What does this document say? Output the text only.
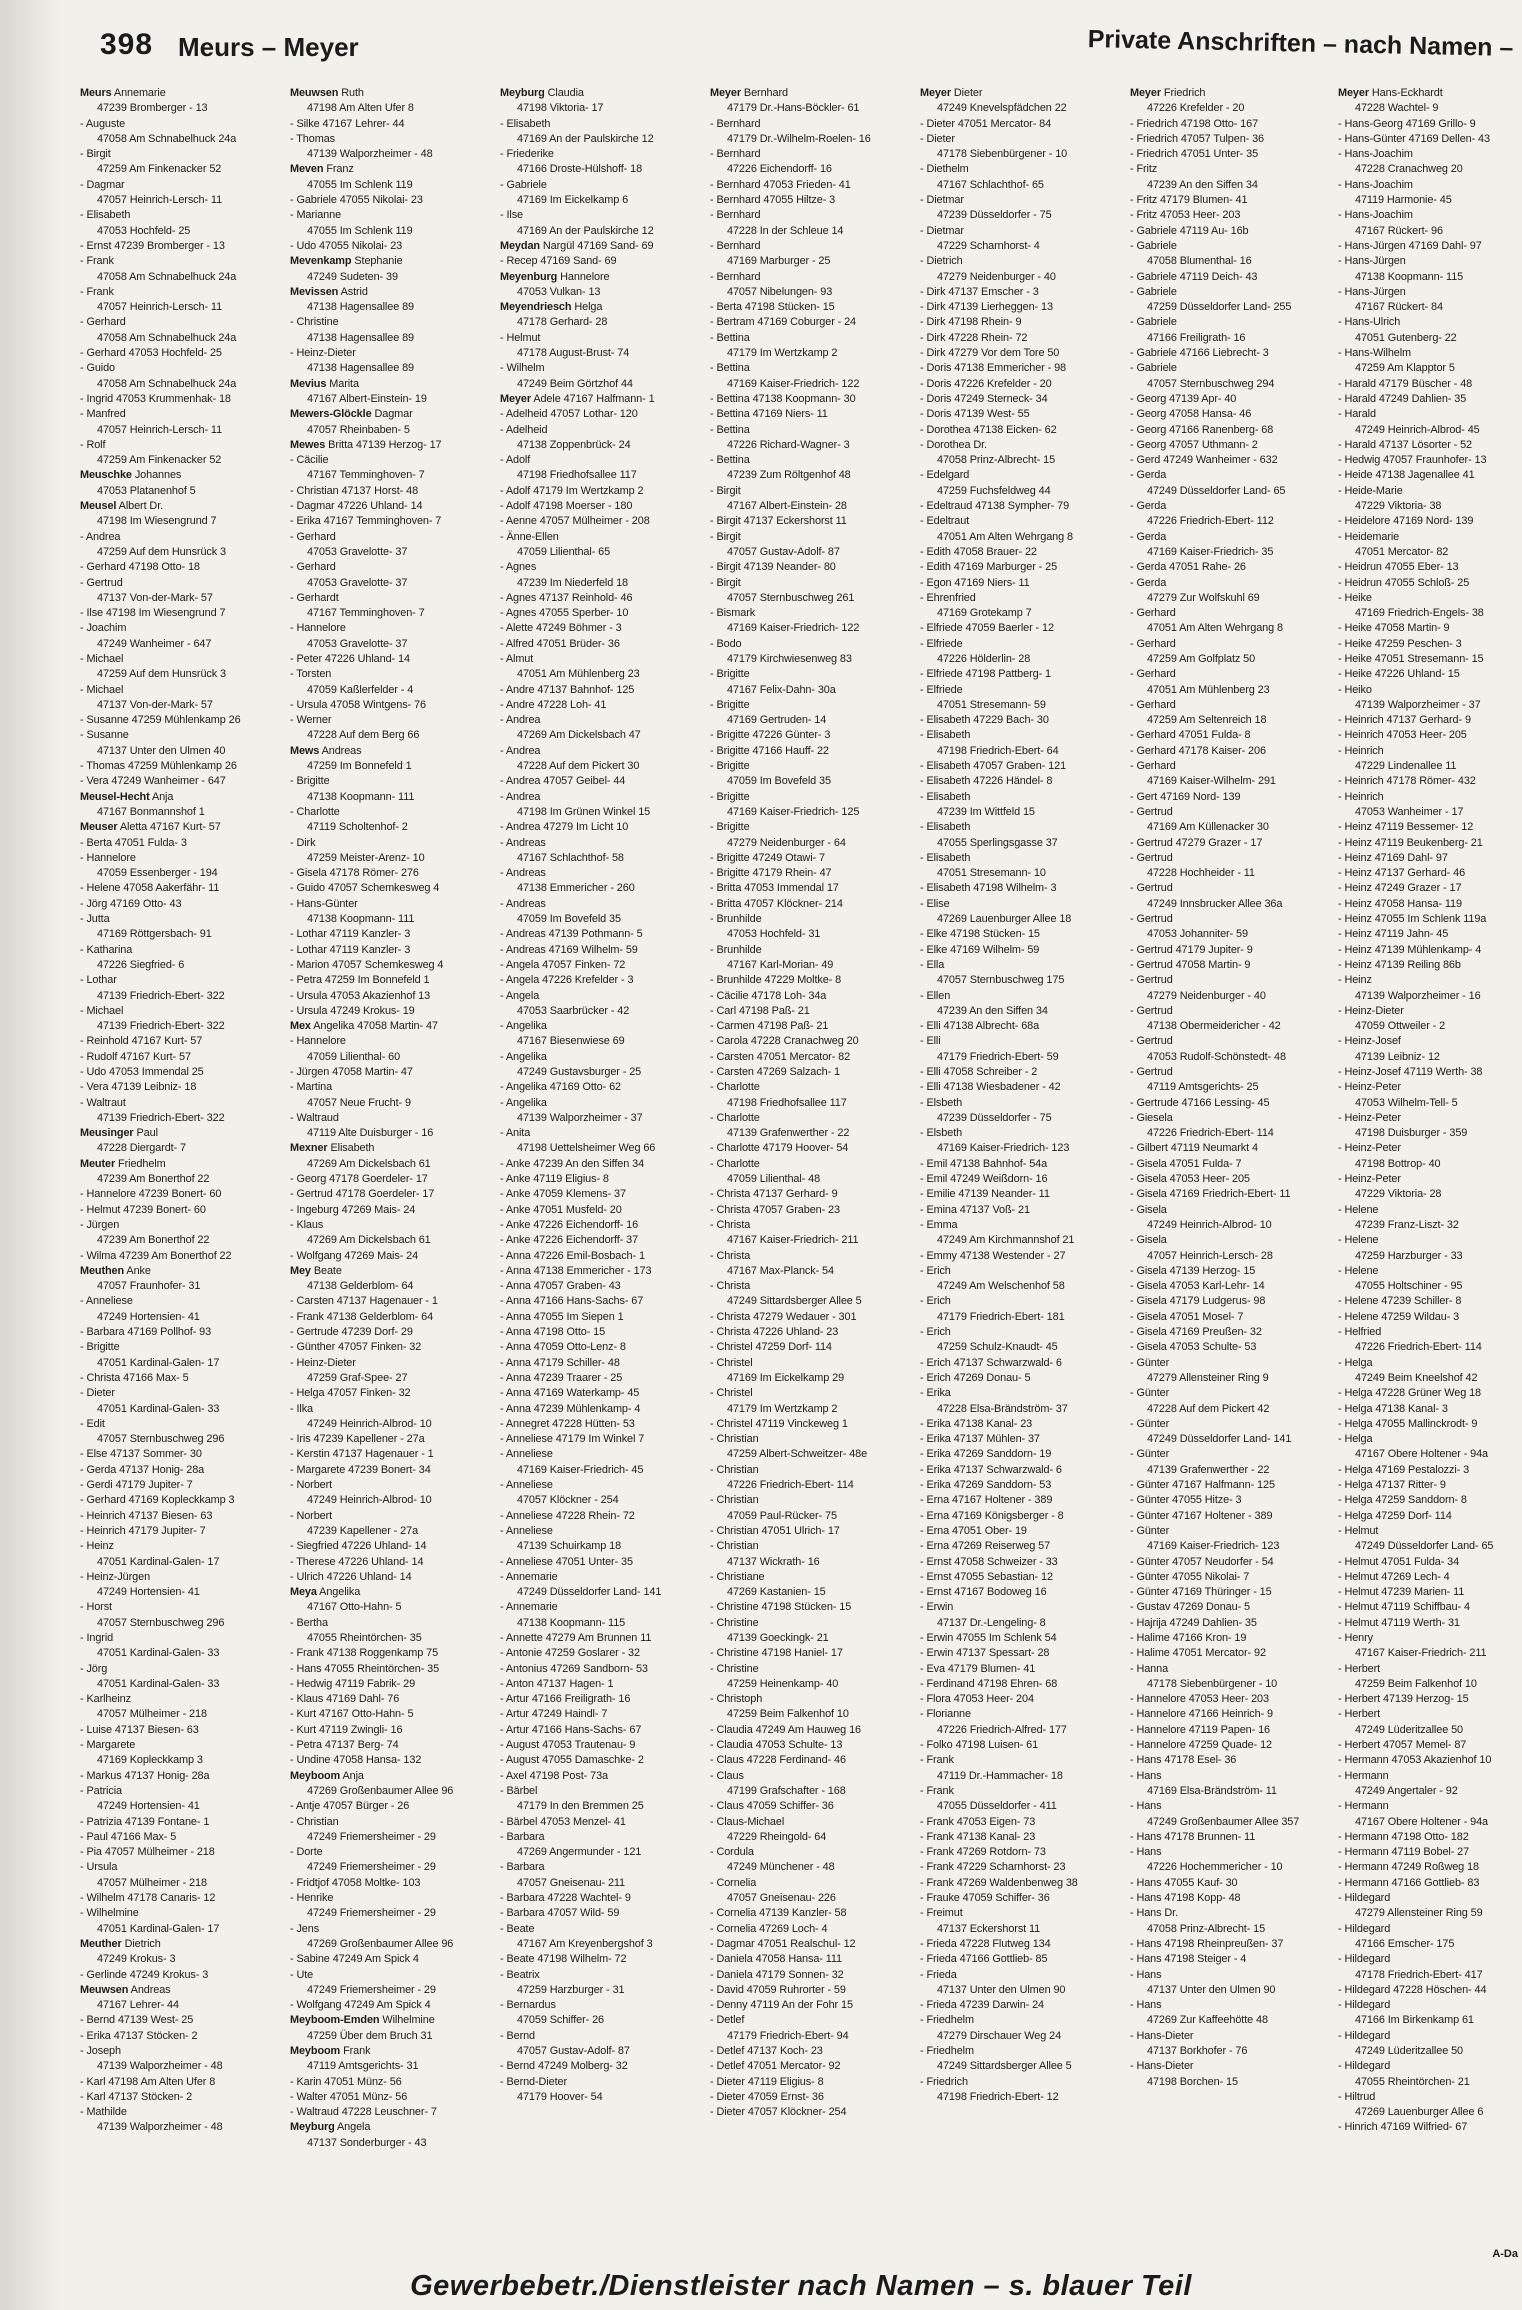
398 Meurs – Meyer	Private Anschriften – nach Namen –
Meurs Annemarie
47239 Bromberger - 13
- Auguste
47058 Am Schnabelhuck 24a
- Birgit
47259 Am Finkenacker 52
- Dagmar
47057 Heinrich-Lersch- 11
- Elisabeth
47053 Hochfeld- 25
- Ernst 47239 Bromberger - 13
- Frank
47058 Am Schnabelhuck 24a
- Frank
47057 Heinrich-Lersch- 11
- Gerhard
47058 Am Schnabelhuck 24a
- Gerhard 47053 Hochfeld- 25
- Guido
47058 Am Schnabelhuck 24a
- Ingrid 47053 Krummenhak- 18
- Manfred
47057 Heinrich-Lersch- 11
- Rolf
47259 Am Finkenacker 52
Meuschke Johannes
47053 Platanenhof 5
Meusel Albert Dr.
47198 Im Wiesengrund 7
- Andrea
47259 Auf dem Hunsrück 3
- Gerhard 47198 Otto- 18
- Gertrud
47137 Von-der-Mark- 57
- Ilse 47198 Im Wiesengrund 7
- Joachim
47249 Wanheimer - 647
- Michael
47259 Auf dem Hunsrück 3
- Michael
47137 Von-der-Mark- 57
- Susanne 47259 Mühlenkamp 26
- Susanne
47137 Unter den Ulmen 40
- Thomas 47259 Mühlenkamp 26
- Vera 47249 Wanheimer - 647
Meusel-Hecht Anja
47167 Bonmannshof 1
Meuser Aletta 47167 Kurt- 57
- Berta 47051 Fulda- 3
- Hannelore
47059 Essenberger - 194
- Helene 47058 Aakerfähr- 11
- Jörg 47169 Otto- 43
- Jutta
47169 Röttgersbach- 91
- Katharina
47226 Siegfried- 6
- Lothar
47139 Friedrich-Ebert- 322
- Michael
47139 Friedrich-Ebert- 322
- Reinhold 47167 Kurt- 57
- Rudolf 47167 Kurt- 57
- Udo 47053 Immendal 25
- Vera 47139 Leibniz- 18
- Waltraut
47139 Friedrich-Ebert- 322
Meusinger Paul
47228 Diergardt- 7
Meuter Friedhelm
47239 Am Bonerthof 22
- Hannelore 47239 Bonert- 60
- Helmut 47239 Bonert- 60
- Jürgen
47239 Am Bonerthof 22
- Wilma 47239 Am Bonerthof 22
Meuthen Anke
47057 Fraunhofer- 31
- Anneliese
47249 Hortensien- 41
- Barbara 47169 Pollhof- 93
- Brigitte
47051 Kardinal-Galen- 17
- Christa 47166 Max- 5
- Dieter
47051 Kardinal-Galen- 33
- Edit
47057 Sternbuschweg 296
- Else 47137 Sommer- 30
- Gerda 47137 Honig- 28a
- Gerdi 47179 Jupiter- 7
- Gerhard 47169 Kopleckkamp 3
- Heinrich 47137 Biesen- 63
- Heinrich 47179 Jupiter- 7
- Heinz
47051 Kardinal-Galen- 17
- Heinz-Jürgen
47249 Hortensien- 41
- Horst
47057 Sternbuschweg 296
- Ingrid
47051 Kardinal-Galen- 33
- Jörg
47051 Kardinal-Galen- 33
- Karlheinz
47057 Mülheimer - 218
- Luise 47137 Biesen- 63
- Margarete
47169 Kopleckkamp 3
- Markus 47137 Honig- 28a
- Patricia
47249 Hortensien- 41
- Patrizia 47139 Fontane- 1
- Paul 47166 Max- 5
- Pia 47057 Mülheimer - 218
- Ursula
47057 Mülheimer - 218
- Wilhelm 47178 Canaris- 12
- Wilhelmine
47051 Kardinal-Galen- 17
Meuther Dietrich
47249 Krokus- 3
- Gerlinde 47249 Krokus- 3
Meuwsen Andreas
47167 Lehrer- 44
- Bernd 47139 West- 25
- Erika 47137 Stöcken- 2
- Joseph
47139 Walporzheimer - 48
- Karl 47198 Am Alten Ufer 8
- Karl 47137 Stöcken- 2
- Mathilde
47139 Walporzheimer - 48
Meuwsen Ruth
47198 Am Alten Ufer 8
- Silke 47167 Lehrer- 44
- Thomas
47139 Walporzheimer - 48
Meven Franz
47055 Im Schlenk 119
- Gabriele 47055 Nikolai- 23
- Marianne
47055 Im Schlenk 119
- Udo 47055 Nikolai- 23
Mevenkamp Stephanie
47249 Sudeten- 39
Mevissen Astrid
47138 Hagensallee 89
- Christine
47138 Hagensallee 89
- Heinz-Dieter
47138 Hagensallee 89
Mevius Marita
47167 Albert-Einstein- 19
Mewers-Glöckle Dagmar
47057 Rheinbaben- 5
Mewes Britta 47139 Herzog- 17
- Cäcilie
47167 Temminghoven- 7
- Christian 47137 Horst- 48
- Dagmar 47226 Uhland- 14
- Erika 47167 Temminghoven- 7
- Gerhard
47053 Gravelotte- 37
- Gerhard
47053 Gravelotte- 37
- Gerhardt
47167 Temminghoven- 7
- Hannelore
47053 Gravelotte- 37
- Peter 47226 Uhland- 14
- Torsten
47059 Kaßlerfelder - 4
- Ursula 47058 Wintgens- 76
- Werner
47228 Auf dem Berg 66
Mews Andreas
47259 Im Bonnefeld 1
- Brigitte
47138 Koopmann- 111
- Charlotte
47119 Scholtenhof- 2
- Dirk
47259 Meister-Arenz- 10
- Gisela 47178 Römer- 276
- Guido 47057 Schemkesweg 4
- Hans-Günter
47138 Koopmann- 111
- Lothar 47119 Kanzler- 3
- Lothar 47119 Kanzler- 3
- Marion 47057 Schemkesweg 4
- Petra 47259 Im Bonnefeld 1
- Ursula 47053 Akazienhof 13
- Ursula 47249 Krokus- 19
Mex Angelika 47058 Martin- 47
- Hannelore
47059 Lilienthal- 60
- Jürgen 47058 Martin- 47
- Martina
47057 Neue Frucht- 9
- Waltraud
47119 Alte Duisburger - 16
Mexner Elisabeth
47269 Am Dickelsbach 61
- Georg 47178 Goerdeler- 17
- Gertrud 47178 Goerdeler- 17
- Ingeburg 47269 Mais- 24
- Klaus
47269 Am Dickelsbach 61
- Wolfgang 47269 Mais- 24
Mey Beate
47138 Gelderblom- 64
- Carsten 47137 Hagenauer - 1
- Frank 47138 Gelderblom- 64
- Gertrude 47239 Dorf- 29
- Günther 47057 Finken- 32
- Heinz-Dieter
47259 Graf-Spee- 27
- Helga 47057 Finken- 32
- Ilka
47249 Heinrich-Albrod- 10
- Iris 47239 Kapellener - 27a
- Kerstin 47137 Hagenauer - 1
- Margarete 47239 Bonert- 34
- Norbert
47249 Heinrich-Albrod- 10
- Norbert
47239 Kapellener - 27a
- Siegfried 47226 Uhland- 14
- Therese 47226 Uhland- 14
- Ulrich 47226 Uhland- 14
Meya Angelika
47167 Otto-Hahn- 5
- Bertha
47055 Rheintörchen- 35
- Frank 47138 Roggenkamp 75
- Hans 47055 Rheintörchen- 35
- Hedwig 47119 Fabrik- 29
- Klaus 47169 Dahl- 76
- Kurt 47167 Otto-Hahn- 5
- Kurt 47119 Zwingli- 16
- Petra 47137 Berg- 74
- Undine 47058 Hansa- 132
Meyboom Anja
47269 Großenbaumer Allee 96
- Antje 47057 Bürger - 26
- Christian
47249 Friemersheimer - 29
- Dorte
47249 Friemersheimer - 29
- Fridtjof 47058 Moltke- 103
- Henrike
47249 Friemersheimer - 29
- Jens
47269 Großenbaumer Allee 96
- Sabine 47249 Am Spick 4
- Ute
47249 Friemersheimer - 29
- Wolfgang 47249 Am Spick 4
Meyboom-Emden Wilhelmine
47259 Über dem Bruch 31
Meyboom Frank
47119 Amtsgerichts- 31
- Karin 47051 Münz- 56
- Walter 47051 Münz- 56
- Waltraud 47228 Leuschner- 7
Meyburg Angela
47137 Sonderburger - 43
Meyburg Claudia
47198 Viktoria- 17
- Elisabeth
47169 An der Paulskirche 12
- Friederike
47166 Droste-Hülshoff- 18
- Gabriele
47169 Im Eickelkamp 6
- Ilse
47169 An der Paulskirche 12
Meydan Nargül 47169 Sand- 69
- Recep 47169 Sand- 69
Meyenburg Hannelore
47053 Vulkan- 13
Meyendriesch Helga
47178 Gerhard- 28
- Helmut
47178 August-Brust- 74
- Wilhelm
47249 Beim Görtzhof 44
Meyer Adele 47167 Halfmann- 1
- Adelheid 47057 Lothar- 120
- Adelheid
47138 Zoppenbrück- 24
- Adolf
47198 Friedhofsallee 117
- Adolf 47179 Im Wertzkamp 2
- Adolf 47198 Moerser - 180
- Aenne 47057 Mülheimer - 208
- Änne-Ellen
47059 Lilienthal- 65
- Agnes
47239 Im Niederfeld 18
- Agnes 47137 Reinhold- 46
- Agnes 47055 Sperber- 10
- Alette 47249 Böhmer - 3
- Alfred 47051 Brüder- 36
- Almut
47051 Am Mühlenberg 23
- Andre 47137 Bahnhof- 125
- Andre 47228 Loh- 41
- Andrea
47269 Am Dickelsbach 47
- Andrea
47228 Auf dem Pickert 30
- Andrea 47057 Geibel- 44
- Andrea
47198 Im Grünen Winkel 15
- Andrea 47279 Im Licht 10
- Andreas
47167 Schlachthof- 58
- Andreas
47138 Emmericher - 260
- Andreas
47059 Im Bovefeld 35
- Andreas 47139 Pothmann- 5
- Andreas 47169 Wilhelm- 59
- Angela 47057 Finken- 72
- Angela 47226 Krefelder - 3
- Angela
47053 Saarbrücker - 42
- Angelika
47167 Biesenwiese 69
- Angelika
47249 Gustavsburger - 25
- Angelika 47169 Otto- 62
- Angelika
47139 Walporzheimer - 37
- Anita
47198 Uettelsheimer Weg 66
- Anke 47239 An den Siffen 34
- Anke 47119 Eligius- 8
- Anke 47059 Klemens- 37
- Anke 47051 Musfeld- 20
- Anke 47226 Eichendorff- 16
- Anke 47226 Eichendorff- 37
- Anna 47226 Emil-Bosbach- 1
- Anna 47138 Emmericher - 173
- Anna 47057 Graben- 43
- Anna 47166 Hans-Sachs- 67
- Anna 47055 Im Siepen 1
- Anna 47198 Otto- 15
- Anna 47059 Otto-Lenz- 8
- Anna 47179 Schiller- 48
- Anna 47239 Traarer - 25
- Anna 47169 Waterkamp- 45
- Anna 47239 Mühlenkamp- 4
- Annegret 47228 Hütten- 53
- Anneliese 47179 Im Winkel 7
- Anneliese
47169 Kaiser-Friedrich- 45
- Anneliese
47057 Klöckner - 254
- Anneliese 47228 Rhein- 72
- Anneliese
47139 Schuirkamp 18
- Anneliese 47051 Unter- 35
- Annemarie
47249 Düsseldorfer Land- 141
- Annemarie
47138 Koopmann- 115
- Annette 47279 Am Brunnen 11
- Antonie 47259 Goslarer - 32
- Antonius 47269 Sandborn- 53
- Anton 47137 Hagen- 1
- Artur 47166 Freiligrath- 16
- Artur 47249 Haindl- 7
- Artur 47166 Hans-Sachs- 67
- August 47053 Trautenau- 9
- August 47055 Damaschke- 2
- Axel 47198 Post- 73a
- Bärbel
47179 In den Bremmen 25
- Bärbel 47053 Menzel- 41
- Barbara
47269 Angermunder - 121
- Barbara
47057 Gneisenau- 211
- Barbara 47228 Wachtel- 9
- Barbara 47057 Wild- 59
- Beate
47167 Am Kreyenbergshof 3
- Beate 47198 Wilhelm- 72
- Beatrix
47259 Harzburger - 31
- Bernardus
47059 Schiffer- 26
- Bernd
47057 Gustav-Adolf- 87
- Bernd 47249 Molberg- 32
- Bernd-Dieter
47179 Hoover- 54
Meyer Bernhard
47179 Dr.-Hans-Böckler- 61
- Bernhard
47179 Dr.-Wilhelm-Roelen- 16
- Bernhard
47226 Eichendorff- 16
- Bernhard 47053 Frieden- 41
- Bernhard 47055 Hiltze- 3
- Bernhard
47228 In der Schleue 14
- Bernhard
47169 Marburger - 25
- Bernhard
47057 Nibelungen- 93
- Berta 47198 Stücken- 15
- Bertram 47169 Coburger - 24
- Bettina
47179 Im Wertzkamp 2
- Bettina
47169 Kaiser-Friedrich- 122
- Bettina 47138 Koopmann- 30
- Bettina 47169 Niers- 11
- Bettina
47226 Richard-Wagner- 3
- Bettina
47239 Zum Röltgenhof 48
- Birgit
47167 Albert-Einstein- 28
- Birgit 47137 Eckershorst 11
- Birgit
47057 Gustav-Adolf- 87
- Birgit 47139 Neander- 80
- Birgit
47057 Sternbuschweg 261
- Bismark
47169 Kaiser-Friedrich- 122
- Bodo
47179 Kirchwiesenweg 83
- Brigitte
47167 Felix-Dahn- 30a
- Brigitte
47169 Gertruden- 14
- Brigitte 47226 Günter- 3
- Brigitte 47166 Hauff- 22
- Brigitte
47059 Im Bovefeld 35
- Brigitte
47169 Kaiser-Friedrich- 125
- Brigitte
47279 Neidenburger - 64
- Brigitte 47249 Otawi- 7
- Brigitte 47179 Rhein- 47
- Britta 47053 Immendal 17
- Britta 47057 Klöckner- 214
- Brunhilde
47053 Hochfeld- 31
- Brunhilde
47167 Karl-Morian- 49
- Brunhilde 47229 Moltke- 8
- Cäcilie 47178 Loh- 34a
- Carl 47198 Paß- 21
- Carmen 47198 Paß- 21
- Carola 47228 Cranachweg 20
- Carsten 47051 Mercator- 82
- Carsten 47269 Salzach- 1
- Charlotte
47198 Friedhofsallee 117
- Charlotte
47139 Grafenwerther - 22
- Charlotte 47179 Hoover- 54
- Charlotte
47059 Lilienthal- 48
- Christa 47137 Gerhard- 9
- Christa 47057 Graben- 23
- Christa
47167 Kaiser-Friedrich- 211
- Christa
47167 Max-Planck- 54
- Christa
47249 Sittardsberger Allee 5
- Christa 47279 Wedauer - 301
- Christa 47226 Uhland- 23
- Christel 47259 Dorf- 114
- Christel
47169 Im Eickelkamp 29
- Christel
47179 Im Wertzkamp 2
- Christel 47119 Vinckeweg 1
- Christian
47259 Albert-Schweitzer- 48e
- Christian
47226 Friedrich-Ebert- 114
- Christian
47059 Paul-Rücker- 75
- Christian 47051 Ulrich- 17
- Christian
47137 Wickrath- 16
- Christiane
47269 Kastanien- 15
- Christine 47198 Stücken- 15
- Christine
47139 Goeckingk- 21
- Christine 47198 Haniel- 17
- Christine
47259 Heinenkamp- 40
- Christoph
47259 Beim Falkenhof 10
- Claudia 47249 Am Hauweg 16
- Claudia 47053 Schulte- 13
- Claus 47228 Ferdinand- 46
- Claus
47199 Grafschafter - 168
- Claus 47059 Schiffer- 36
- Claus-Michael
47229 Rheingold- 64
- Cordula
47249 Münchener - 48
- Cornelia
47057 Gneisenau- 226
- Cornelia 47139 Kanzler- 58
- Cornelia 47269 Loch- 4
- Dagmar 47051 Realschul- 12
- Daniela 47058 Hansa- 111
- Daniela 47179 Sonnen- 32
- David 47059 Ruhrorter - 59
- Denny 47119 An der Fohr 15
- Detlef
47179 Friedrich-Ebert- 94
- Detlef 47137 Koch- 23
- Detlef 47051 Mercator- 92
- Dieter 47119 Eligius- 8
- Dieter 47059 Ernst- 36
- Dieter 47057 Klöckner- 254
Meyer Dieter
47249 Knevelspfädchen 22
- Dieter 47051 Mercator- 84
- Dieter
47178 Siebenbürgener - 10
- Diethelm
47167 Schlachthof- 65
- Dietmar
47239 Düsseldorfer - 75
- Dietmar
47229 Scharnhorst- 4
- Dietrich
47279 Neidenburger - 40
- Dirk 47137 Emscher - 3
- Dirk 47139 Lierheggen- 13
- Dirk 47198 Rhein- 9
- Dirk 47228 Rhein- 72
- Dirk 47279 Vor dem Tore 50
- Doris 47138 Emmericher - 98
- Doris 47226 Krefelder - 20
- Doris 47249 Sterneck- 34
- Doris 47139 West- 55
- Dorothea 47138 Eicken- 62
- Dorothea Dr.
47058 Prinz-Albrecht- 15
- Edelgard
47259 Fuchsfeldweg 44
- Edeltraud 47138 Sympher- 79
- Edeltraut
47051 Am Alten Wehrgang 8
- Edith 47058 Brauer- 22
- Edith 47169 Marburger - 25
- Egon 47169 Niers- 11
- Ehrenfried
47169 Grotekamp 7
- Elfriede 47059 Baerler - 12
- Elfriede
47226 Hölderlin- 28
- Elfriede 47198 Pattberg- 1
- Elfriede
47051 Stresemann- 59
- Elisabeth 47229 Bach- 30
- Elisabeth
47198 Friedrich-Ebert- 64
- Elisabeth 47057 Graben- 121
- Elisabeth 47226 Händel- 8
- Elisabeth
47239 Im Wittfeld 15
- Elisabeth
47055 Sperlingsgasse 37
- Elisabeth
47051 Stresemann- 10
- Elisabeth 47198 Wilhelm- 3
- Elise
47269 Lauenburger Allee 18
- Elke 47198 Stücken- 15
- Elke 47169 Wilhelm- 59
- Ella
47057 Sternbuschweg 175
- Ellen
47239 An den Siffen 34
- Elli 47138 Albrecht- 68a
- Elli
47179 Friedrich-Ebert- 59
- Elli 47058 Schreiber - 2
- Elli 47138 Wiesbadener - 42
- Elsbeth
47239 Düsseldorfer - 75
- Elsbeth
47169 Kaiser-Friedrich- 123
- Emil 47138 Bahnhof- 54a
- Emil 47249 Weißdorn- 16
- Emilie 47139 Neander- 11
- Emina 47137 Voß- 21
- Emma
47249 Am Kirchmannshof 21
- Emmy 47138 Westender - 27
- Erich
47249 Am Welschenhof 58
- Erich
47179 Friedrich-Ebert- 181
- Erich
47259 Schulz-Knaudt- 45
- Erich 47137 Schwarzwald- 6
- Erich 47269 Donau- 5
- Erika
47228 Elsa-Brändström- 37
- Erika 47138 Kanal- 23
- Erika 47137 Mühlen- 37
- Erika 47269 Sanddorn- 19
- Erika 47137 Schwarzwald- 6
- Erika 47269 Sanddorn- 53
- Erna 47167 Holtener - 389
- Erna 47169 Königsberger - 8
- Erna 47051 Ober- 19
- Erna 47269 Reiserweg 57
- Ernst 47058 Schweizer - 33
- Ernst 47055 Sebastian- 12
- Ernst 47167 Bodoweg 16
- Erwin
47137 Dr.-Lengeling- 8
- Erwin 47055 Im Schlenk 54
- Erwin 47137 Spessart- 28
- Eva 47179 Blumen- 41
- Ferdinand 47198 Ehren- 68
- Flora 47053 Heer- 204
- Florianne
47226 Friedrich-Alfred- 177
- Folko 47198 Luisen- 61
- Frank
47119 Dr.-Hammacher- 18
- Frank
47055 Düsseldorfer - 411
- Frank 47053 Eigen- 73
- Frank 47138 Kanal- 23
- Frank 47269 Rotdorn- 73
- Frank 47229 Scharnhorst- 23
- Frank 47269 Waldenbenweg 38
- Frauke 47059 Schiffer- 36
- Freimut
47137 Eckershorst 11
- Frieda 47228 Flutweg 134
- Frieda 47166 Gottlieb- 85
- Frieda
47137 Unter den Ulmen 90
- Frieda 47239 Darwin- 24
- Friedhelm
47279 Dirschauer Weg 24
- Friedhelm
47249 Sittardsberger Allee 5
- Friedrich
47198 Friedrich-Ebert- 12
Meyer Friedrich
47226 Krefelder - 20
- Friedrich 47198 Otto- 167
- Friedrich 47057 Tulpen- 36
- Friedrich 47051 Unter- 35
- Fritz
47239 An den Siffen 34
- Fritz 47179 Blumen- 41
- Fritz 47053 Heer- 203
- Gabriele 47119 Au- 16b
- Gabriele
47058 Blumenthal- 16
- Gabriele 47119 Deich- 43
- Gabriele
47259 Düsseldorfer Land- 255
- Gabriele
47166 Freiligrath- 16
- Gabriele 47166 Liebrecht- 3
- Gabriele
47057 Sternbuschweg 294
- Georg 47139 Apr- 40
- Georg 47058 Hansa- 46
- Georg 47166 Ranenberg- 68
- Georg 47057 Uthmann- 2
- Gerd 47249 Wanheimer - 632
- Gerda
47249 Düsseldorfer Land- 65
- Gerda
47226 Friedrich-Ebert- 112
- Gerda
47169 Kaiser-Friedrich- 35
- Gerda 47051 Rahe- 26
- Gerda
47279 Zur Wolfskuhl 69
- Gerhard
47051 Am Alten Wehrgang 8
- Gerhard
47259 Am Golfplatz 50
- Gerhard
47051 Am Mühlenberg 23
- Gerhard
47259 Am Seltenreich 18
- Gerhard 47051 Fulda- 8
- Gerhard 47178 Kaiser- 206
- Gerhard
47169 Kaiser-Wilhelm- 291
- Gert 47169 Nord- 139
- Gertrud
47169 Am Küllenacker 30
- Gertrud 47279 Grazer - 17
- Gertrud
47228 Hochheider - 11
- Gertrud
47249 Innsbrucker Allee 36a
- Gertrud
47053 Johanniter- 59
- Gertrud 47179 Jupiter- 9
- Gertrud 47058 Martin- 9
- Gertrud
47279 Neidenburger - 40
- Gertrud
47138 Obermeidericher - 42
- Gertrud
47053 Rudolf-Schönstedt- 48
- Gertrud
47119 Amtsgerichts- 25
- Gertrude 47166 Lessing- 45
- Giesela
47226 Friedrich-Ebert- 114
- Gilbert 47119 Neumarkt 4
- Gisela 47051 Fulda- 7
- Gisela 47053 Heer- 205
- Gisela 47169 Friedrich-Ebert- 11
- Gisela
47249 Heinrich-Albrod- 10
- Gisela
47057 Heinrich-Lersch- 28
- Gisela 47139 Herzog- 15
- Gisela 47053 Karl-Lehr- 14
- Gisela 47179 Ludgerus- 98
- Gisela 47051 Mosel- 7
- Gisela 47169 Preußen- 32
- Gisela 47053 Schulte- 53
- Günter
47279 Allensteiner Ring 9
- Günter
47228 Auf dem Pickert 42
- Günter
47249 Düsseldorfer Land- 141
- Günter
47139 Grafenwerther - 22
- Günter 47167 Halfmann- 125
- Günter 47055 Hitze- 3
- Günter 47167 Holtener - 389
- Günter
47169 Kaiser-Friedrich- 123
- Günter 47057 Neudorfer - 54
- Günter 47055 Nikolai- 7
- Günter 47169 Thüringer - 15
- Gustav 47269 Donau- 5
- Hajrija 47249 Dahlien- 35
- Halime 47166 Kron- 19
- Halime 47051 Mercator- 92
- Hanna
47178 Siebenbürgener - 10
- Hannelore 47053 Heer- 203
- Hannelore 47166 Heinrich- 9
- Hannelore 47119 Papen- 16
- Hannelore 47259 Quade- 12
- Hans 47178 Esel- 36
- Hans
47169 Elsa-Brändström- 11
- Hans
47249 Großenbaumer Allee 357
- Hans 47178 Brunnen- 11
- Hans
47226 Hochemmericher - 10
- Hans 47055 Kauf- 30
- Hans 47198 Kopp- 48
- Hans Dr.
47058 Prinz-Albrecht- 15
- Hans 47198 Rheinpreußen- 37
- Hans 47198 Steiger - 4
- Hans
47137 Unter den Ulmen 90
- Hans
47269 Zur Kaffeehötte 48
- Hans-Dieter
47137 Borkhofer - 76
- Hans-Dieter
47198 Borchen- 15
Meyer Hans-Eckhardt
47228 Wachtel- 9
- Hans-Georg 47169 Grillo- 9
- Hans-Günter 47169 Dellen- 43
- Hans-Joachim
47228 Cranachweg 20
- Hans-Joachim
47119 Harmonie- 45
- Hans-Joachim
47167 Rückert- 96
- Hans-Jürgen 47169 Dahl- 97
- Hans-Jürgen
47138 Koopmann- 115
- Hans-Jürgen
47167 Rückert- 84
- Hans-Ulrich
47051 Gutenberg- 22
- Hans-Wilhelm
47259 Am Klapptor 5
- Harald 47179 Büscher - 48
- Harald 47249 Dahlien- 35
- Harald
47249 Heinrich-Albrod- 45
- Harald 47137 Lösorter - 52
- Hedwig 47057 Fraunhofer- 13
- Heide 47138 Jagenallee 41
- Heide-Marie
47229 Viktoria- 38
- Heidelore 47169 Nord- 139
- Heidemarie
47051 Mercator- 82
- Heidrun 47055 Eber- 13
- Heidrun 47055 Schloß- 25
- Heike
47169 Friedrich-Engels- 38
- Heike 47058 Martin- 9
- Heike 47259 Peschen- 3
- Heike 47051 Stresemann- 15
- Heike 47226 Uhland- 15
- Heiko
47139 Walporzheimer - 37
- Heinrich 47137 Gerhard- 9
- Heinrich 47053 Heer- 205
- Heinrich
47229 Lindenallee 11
- Heinrich 47178 Römer- 432
- Heinrich
47053 Wanheimer - 17
- Heinz 47119 Bessemer- 12
- Heinz 47119 Beukenberg- 21
- Heinz 47169 Dahl- 97
- Heinz 47137 Gerhard- 46
- Heinz 47249 Grazer - 17
- Heinz 47058 Hansa- 119
- Heinz 47055 Im Schlenk 119a
- Heinz 47119 Jahn- 45
- Heinz 47139 Mühlenkamp- 4
- Heinz 47139 Reiling 86b
- Heinz
47139 Walporzheimer - 16
- Heinz-Dieter
47059 Ottweiler - 2
- Heinz-Josef
47139 Leibniz- 12
- Heinz-Josef 47119 Werth- 38
- Heinz-Peter
47053 Wilhelm-Tell- 5
- Heinz-Peter
47198 Duisburger - 359
- Heinz-Peter
47198 Bottrop- 40
- Heinz-Peter
47229 Viktoria- 28
- Helene
47239 Franz-Liszt- 32
- Helene
47259 Harzburger - 33
- Helene
47055 Holtschiner - 95
- Helene 47239 Schiller- 8
- Helene 47259 Wildau- 3
- Helfried
47226 Friedrich-Ebert- 114
- Helga
47249 Beim Kneelshof 42
- Helga 47228 Grüner Weg 18
- Helga 47138 Kanal- 3
- Helga 47055 Mallinckrodt- 9
- Helga
47167 Obere Holtener - 94a
- Helga 47169 Pestalozzi- 3
- Helga 47137 Ritter- 9
- Helga 47259 Sanddorn- 8
- Helga 47259 Dorf- 114
- Helmut
47249 Düsseldorfer Land- 65
- Helmut 47051 Fulda- 34
- Helmut 47269 Lech- 4
- Helmut 47239 Marien- 11
- Helmut 47119 Schiffbau- 4
- Helmut 47119 Werth- 31
- Henry
47167 Kaiser-Friedrich- 211
- Herbert
47259 Beim Falkenhof 10
- Herbert 47139 Herzog- 15
- Herbert
47249 Lüderitzallee 50
- Herbert 47057 Memel- 87
- Hermann 47053 Akazienhof 10
- Hermann
47249 Angertaler - 92
- Hermann
47167 Obere Holtener - 94a
- Hermann 47198 Otto- 182
- Hermann 47119 Bobel- 27
- Hermann 47249 Roßweg 18
- Hermann 47166 Gottlieb- 83
- Hildegard
47279 Allensteiner Ring 59
- Hildegard
47166 Emscher- 175
- Hildegard
47178 Friedrich-Ebert- 417
- Hildegard 47228 Höschen- 44
- Hildegard
47166 Im Birkenkamp 61
- Hildegard
47249 Lüderitzallee 50
- Hildegard
47055 Rheintörchen- 21
- Hiltrud
47269 Lauenburger Allee 6
- Hinrich 47169 Wilfried- 67
A-Da
Gewerbebetr./Dienstleister nach Namen – s. blauer Teil
